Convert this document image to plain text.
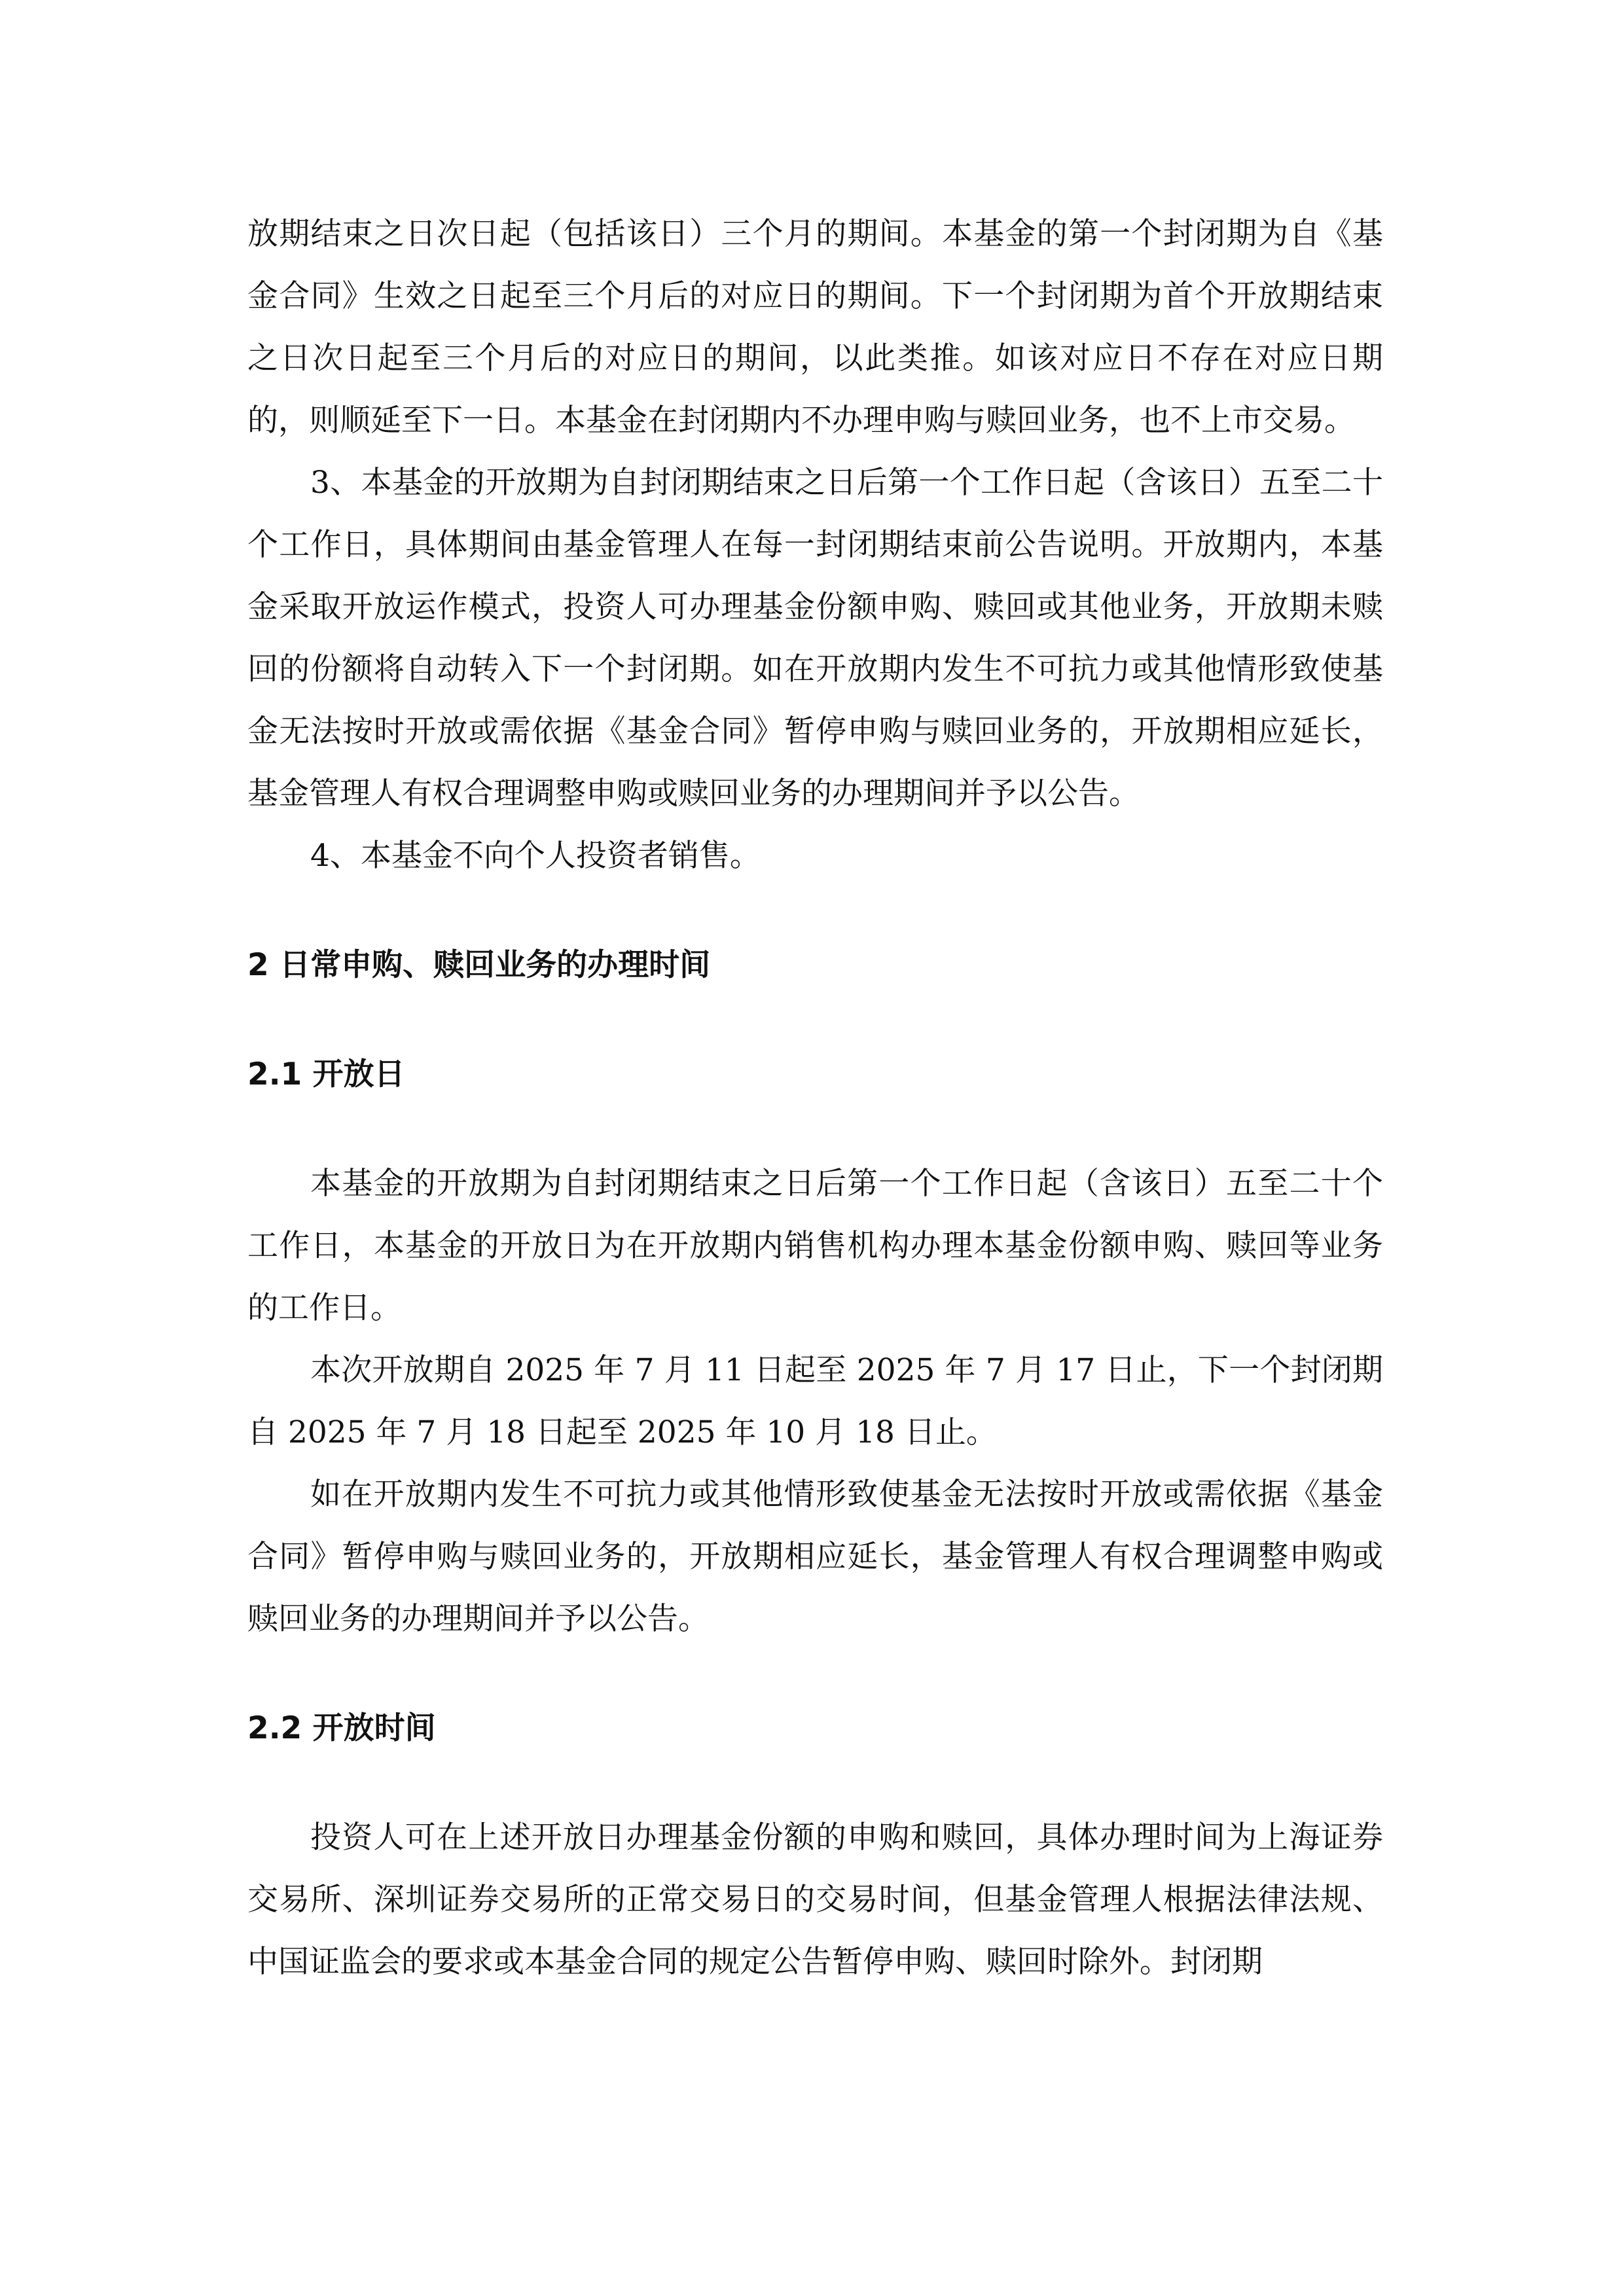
放期结束之日次日起（包括该日）三个月的期间。本基金的第一个封闭期为自《基金合同》生效之日起至三个月后的对应日的期间。下一个封闭期为首个开放期结束之日次日起至三个月后的对应日的期间，以此类推。如该对应日不存在对应日期的，则顺延至下一日。本基金在封闭期内不办理申购与赎回业务，也不上市交易。

3、本基金的开放期为自封闭期结束之日后第一个工作日起（含该日）五至二十个工作日，具体期间由基金管理人在每一封闭期结束前公告说明。开放期内，本基金采取开放运作模式，投资人可办理基金份额申购、赎回或其他业务，开放期未赎回的份额将自动转入下一个封闭期。如在开放期内发生不可抗力或其他情形致使基金无法按时开放或需依据《基金合同》暂停申购与赎回业务的，开放期相应延长，基金管理人有权合理调整申购或赎回业务的办理期间并予以公告。

4、本基金不向个人投资者销售。

2 日常申购、赎回业务的办理时间
2.1 开放日

本基金的开放期为自封闭期结束之日后第一个工作日起（含该日）五至二十个工作日，本基金的开放日为在开放期内销售机构办理本基金份额申购、赎回等业务的工作日。

本次开放期自 2025 年 7 月 11 日起至 2025 年 7 月 17 日止，下一个封闭期自 2025 年 7 月 18 日起至 2025 年 10 月 18 日止。

如在开放期内发生不可抗力或其他情形致使基金无法按时开放或需依据《基金合同》暂停申购与赎回业务的，开放期相应延长，基金管理人有权合理调整申购或赎回业务的办理期间并予以公告。

2.2 开放时间

投资人可在上述开放日办理基金份额的申购和赎回，具体办理时间为上海证券交易所、深圳证券交易所的正常交易日的交易时间，但基金管理人根据法律法规、中国证监会的要求或本基金合同的规定公告暂停申购、赎回时除外。封闭期
